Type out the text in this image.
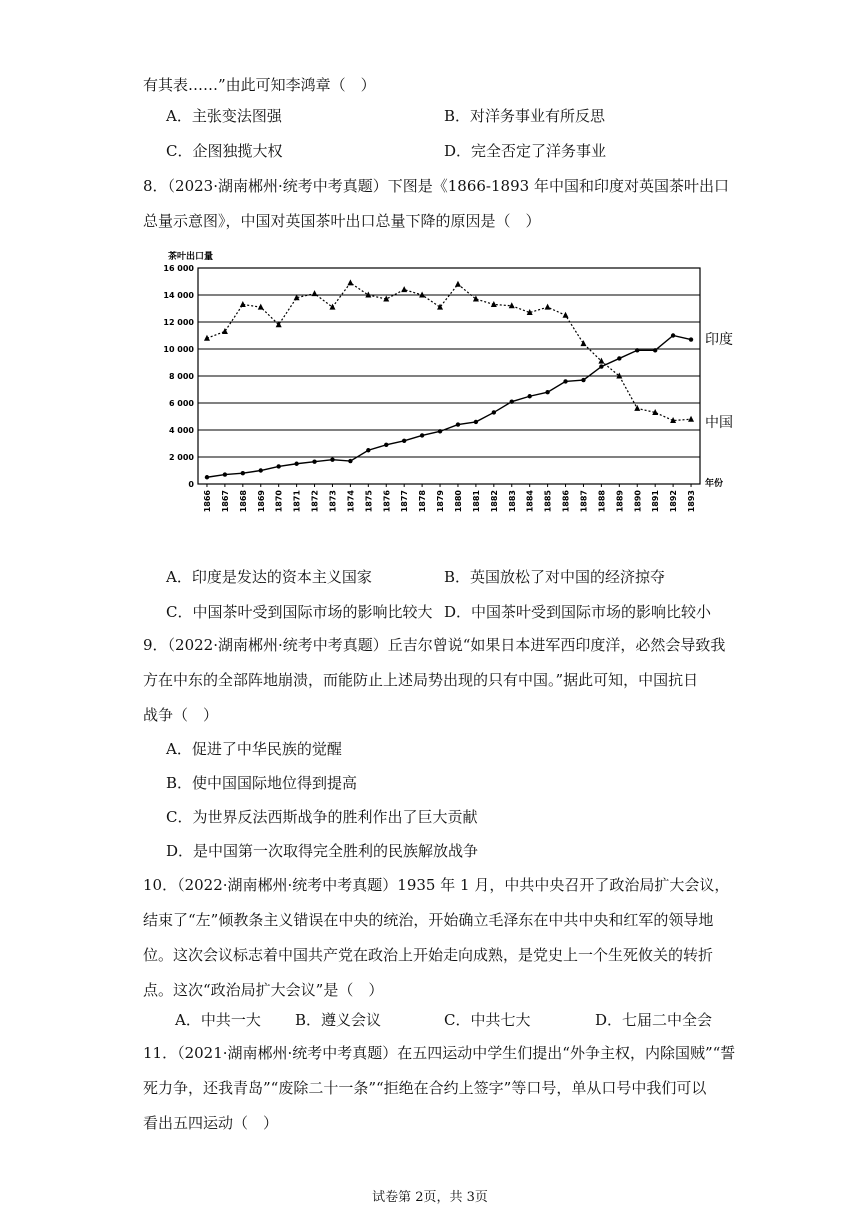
有其表……”由此可知李鸿章（　）
A．主张变法图强	B．对洋务事业有所反思
C．企图独揽大权	D．完全否定了洋务事业
8．（2023·湖南郴州·统考中考真题）下图是《1866-1893 年中国和印度对英国茶叶出口
总量示意图》，中国对英国茶叶出口总量下降的原因是（　）
0
2 000
4 000
6 000
8 000
10 000
12 000
14 000
16 000
1866 1867 1868 1869 1870 1871 1872 1873 1874 1875 1876 1877 1878 1879 1880 1881 1882 1883 1884 1885 1886 1887 1888 1889 1890 1891 1892 1893
茶叶出口量
年份
印度
中国
A．印度是发达的资本主义国家	B．英国放松了对中国的经济掠夺
C．中国茶叶受到国际市场的影响比较大 D．中国茶叶受到国际市场的影响比较小
9．（2022·湖南郴州·统考中考真题）丘吉尔曾说“如果日本进军西印度洋，必然会导致我
方在中东的全部阵地崩溃，而能防止上述局势出现的只有中国。”据此可知，中国抗日
战争（　）
A．促进了中华民族的觉醒
B．使中国国际地位得到提高
C．为世界反法西斯战争的胜利作出了巨大贡献
D．是中国第一次取得完全胜利的民族解放战争
10．（2022·湖南郴州·统考中考真题）1935 年 1 月，中共中央召开了政治局扩大会议，
结束了“左”倾教条主义错误在中央的统治，开始确立毛泽东在中共中央和红军的领导地
位。这次会议标志着中国共产党在政治上开始走向成熟，是党史上一个生死攸关的转折
点。这次“政治局扩大会议”是（　）
A．中共一大 B．遵义会议	C．中共七大	D．七届二中全会
11．（2021·湖南郴州·统考中考真题）在五四运动中学生们提出“外争主权，内除国贼”“誓
死力争，还我青岛”“废除二十一条”“拒绝在合约上签字”等口号，单从口号中我们可以
看出五四运动（　）
试卷第 2页，共 3页
